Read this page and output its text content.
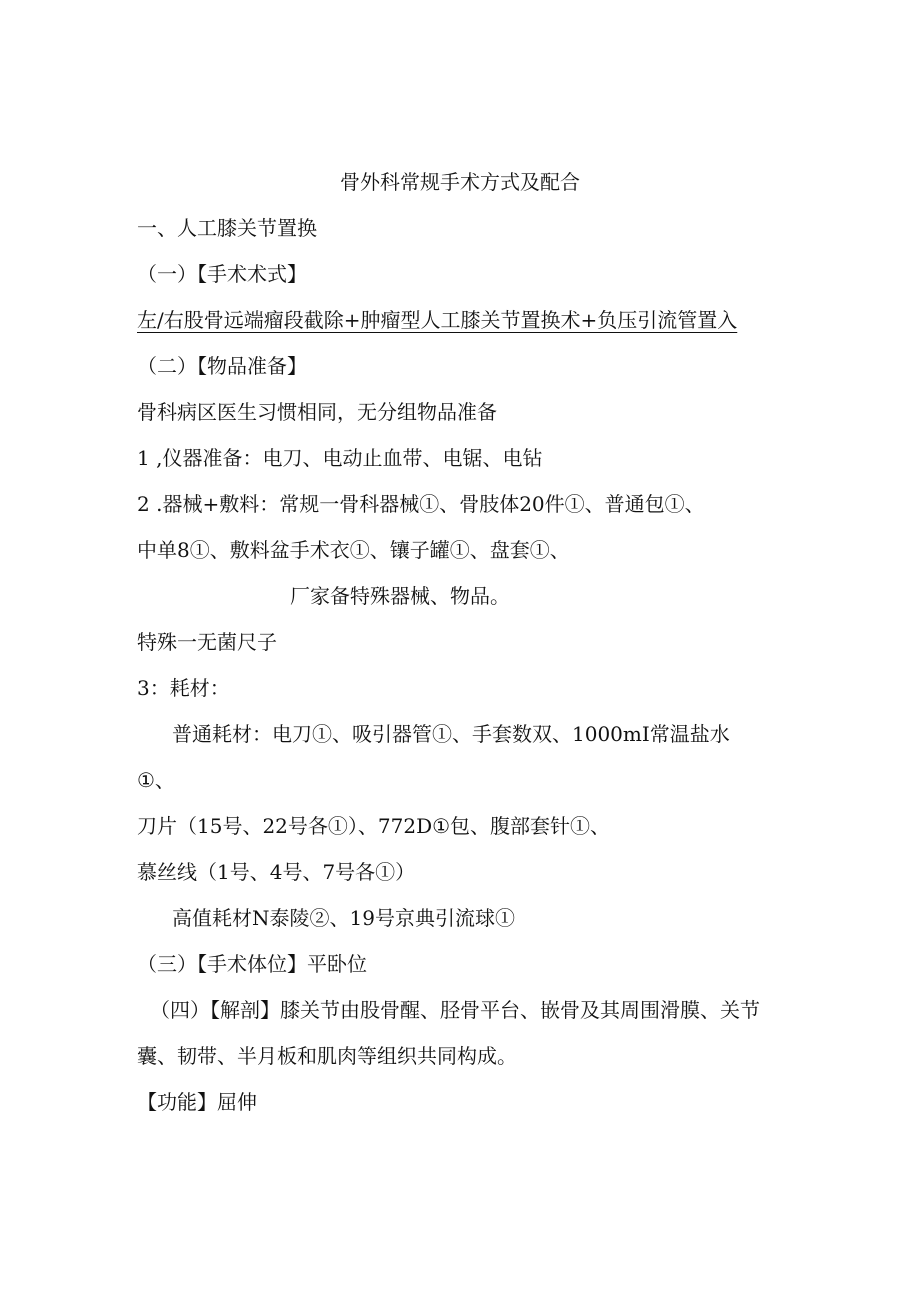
骨外科常规手术方式及配合
一、人工膝关节置换
（一）【手术术式】
左/右股骨远端瘤段截除+肿瘤型人工膝关节置换术+负压引流管置入
（二）【物品准备】
骨科病区医生习惯相同，无分组物品准备
1 ,仪器准备：电刀、电动止血带、电锯、电钻
2 .器械+敷料：常规一骨科器械①、骨肢体20件①、普通包①、
中单8①、敷料盆手术衣①、镶子罐①、盘套①、
厂家备特殊器械、物品。
特殊一无菌尺子
3：耗材：
普通耗材：电刀①、吸引器管①、手套数双、1000mI常温盐水
①、
刀片（15号、22号各①）、772D①包、腹部套针①、
慕丝线（1号、4号、7号各①）
高值耗材N泰陵②、19号京典引流球①
（三）【手术体位】平卧位
（四）【解剖】膝关节由股骨醒、胫骨平台、嵌骨及其周围滑膜、关节
囊、韧带、半月板和肌肉等组织共同构成。
【功能】屈伸
